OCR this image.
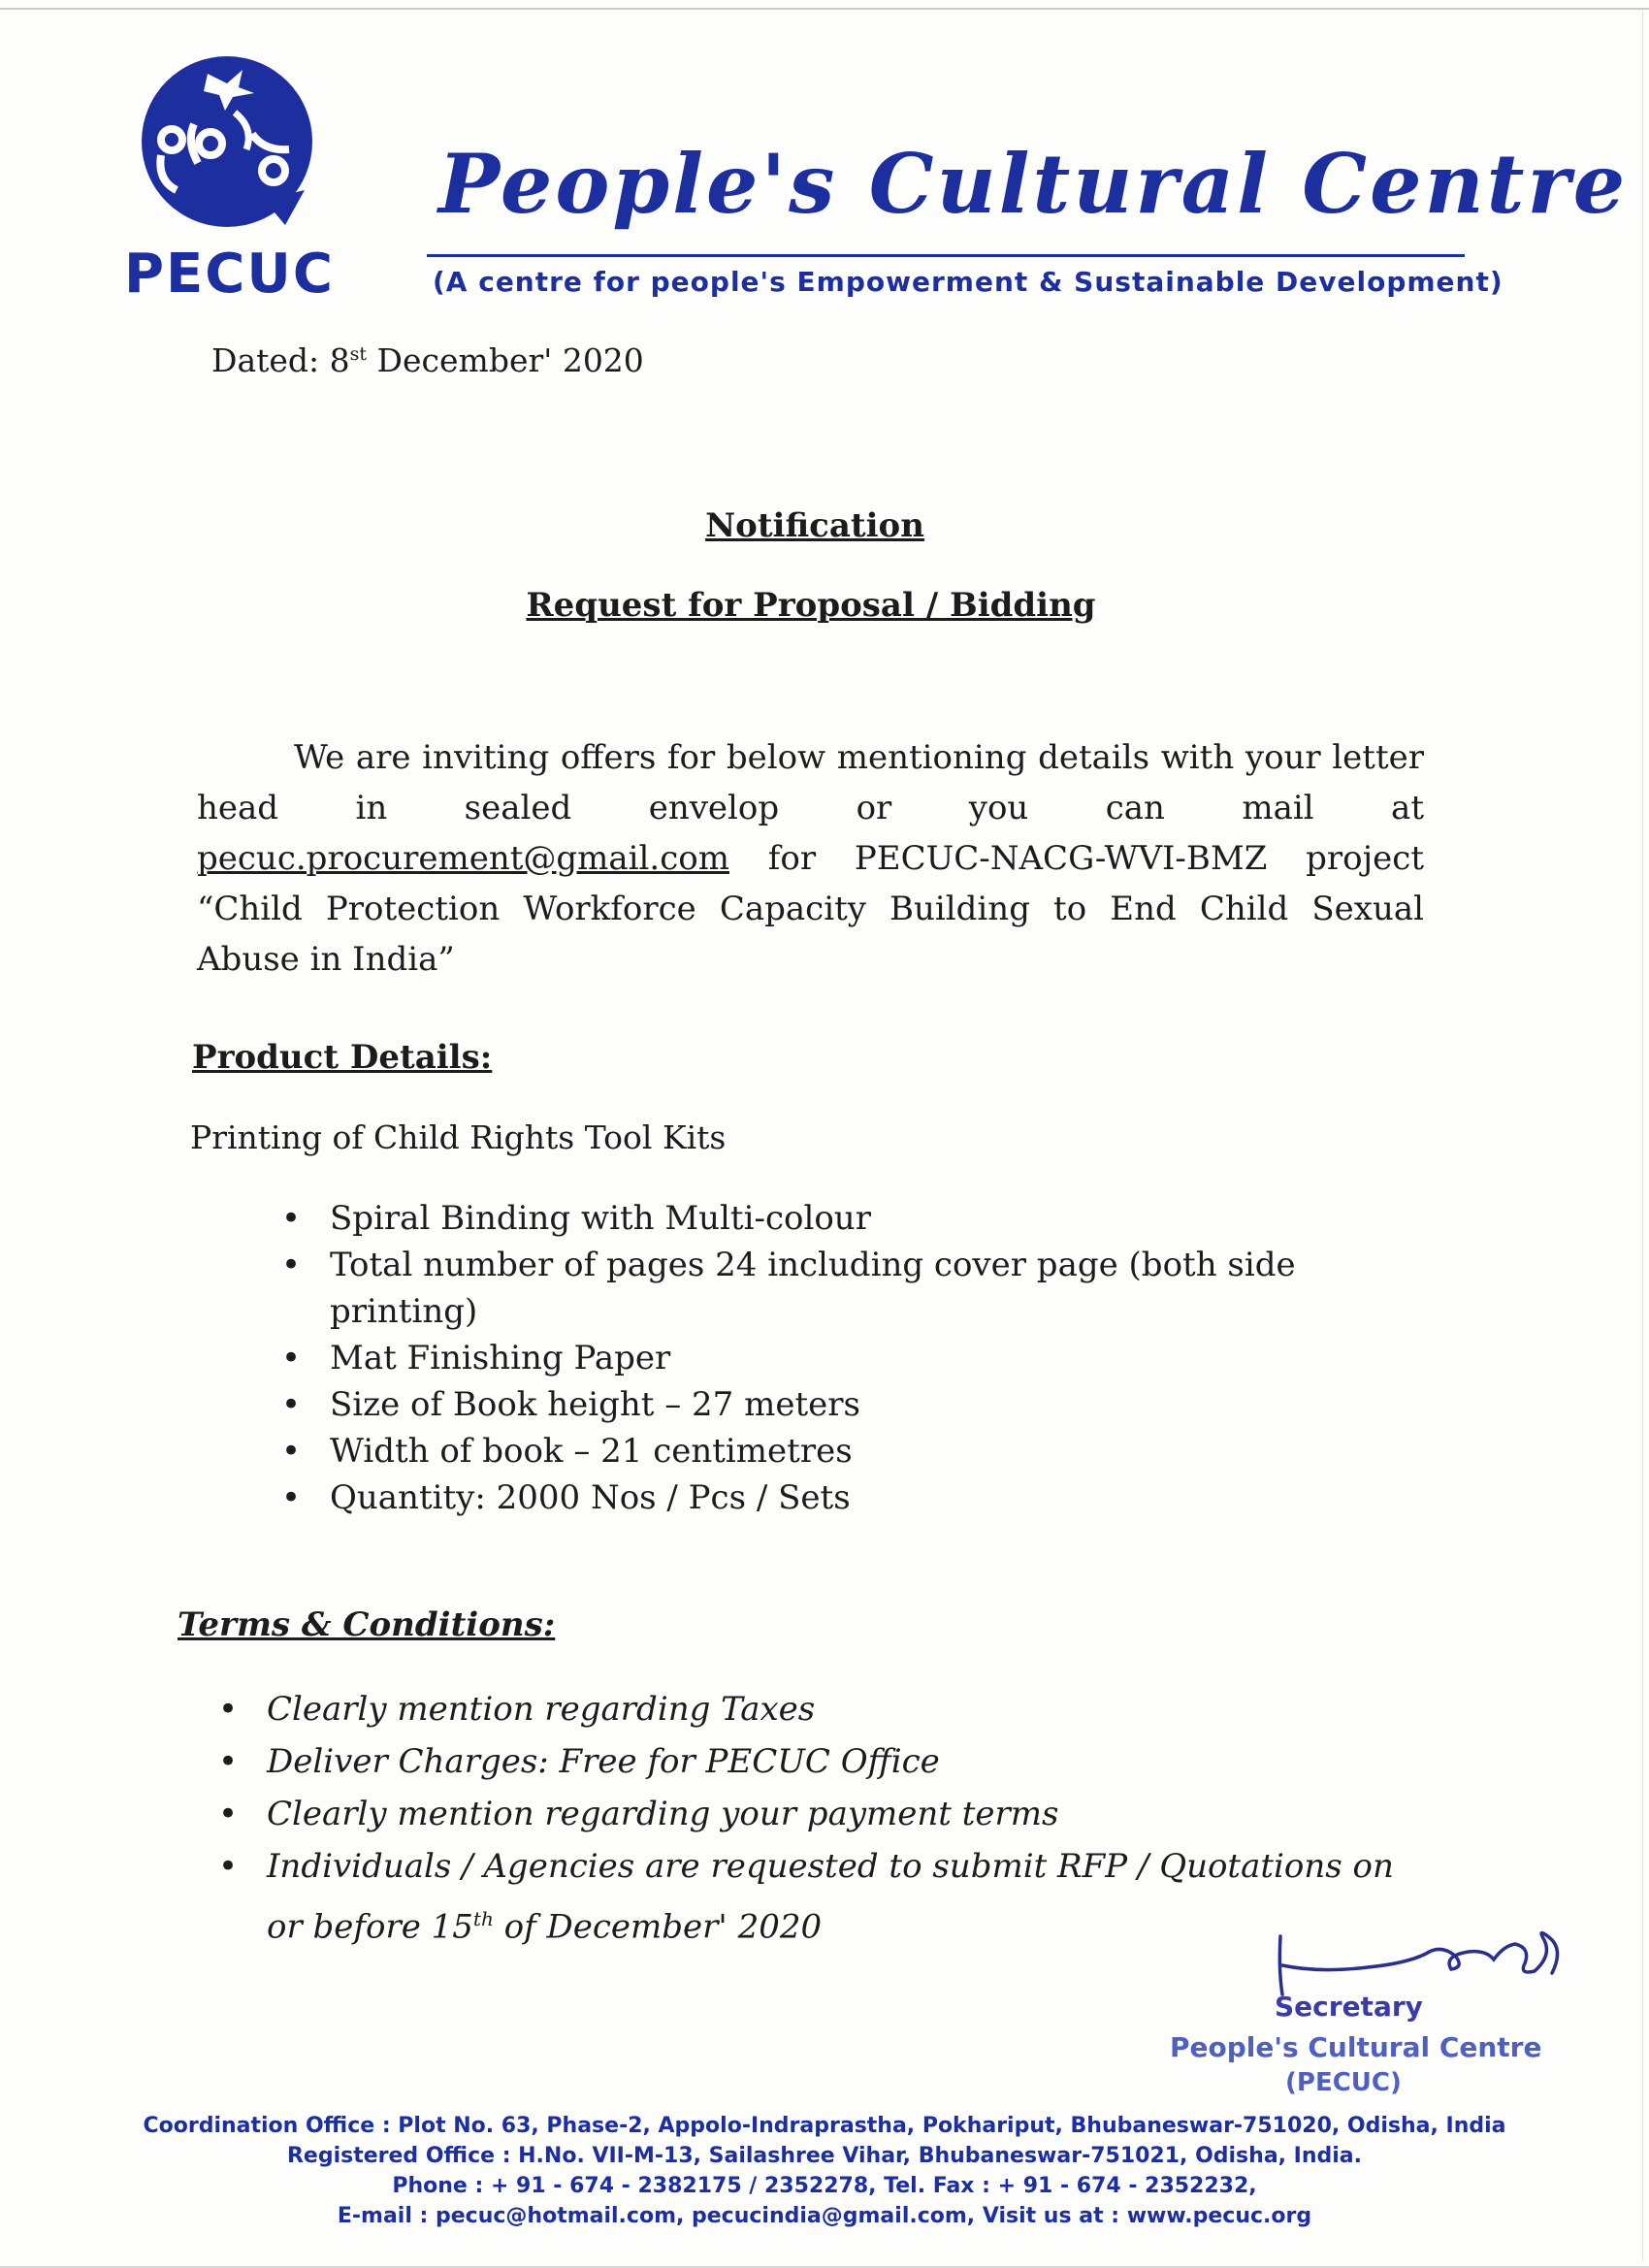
PECUC
People's Cultural Centre
(A centre for people's Empowerment & Sustainable Development)
Dated: 8st December' 2020
Notification
Request for Proposal / Bidding
We are inviting offers for below mentioning details with your letter head in sealed envelop or you can mail at pecuc.procurement@gmail.com for PECUC-NACG-WVI-BMZ project “Child Protection Workforce Capacity Building to End Child Sexual Abuse in India”
Product Details:
Printing of Child Rights Tool Kits
• Spiral Binding with Multi-colour
• Total number of pages 24 including cover page (both side printing)
• Mat Finishing Paper
• Size of Book height – 27 meters
• Width of book – 21 centimetres
• Quantity: 2000 Nos / Pcs / Sets
Terms & Conditions:
• Clearly mention regarding Taxes
• Deliver Charges: Free for PECUC Office
• Clearly mention regarding your payment terms
• Individuals / Agencies are requested to submit RFP / Quotations on or before 15th of December' 2020
Secretary
People's Cultural Centre
(PECUC)
Coordination Office : Plot No. 63, Phase-2, Appolo-Indraprastha, Pokhariput, Bhubaneswar-751020, Odisha, India
Registered Office : H.No. VII-M-13, Sailashree Vihar, Bhubaneswar-751021, Odisha, India.
Phone : + 91 - 674 - 2382175 / 2352278, Tel. Fax : + 91 - 674 - 2352232,
E-mail : pecuc@hotmail.com, pecucindia@gmail.com, Visit us at : www.pecuc.org
